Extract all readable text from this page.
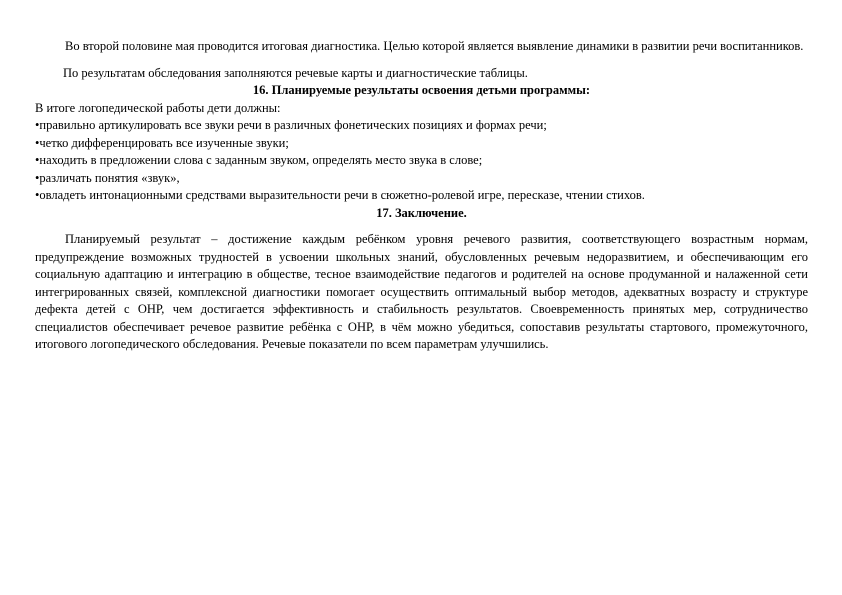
Во второй половине мая проводится итоговая диагностика. Целью которой является выявление динамики в развитии речи воспитанников.

По результатам обследования заполняются речевые карты и диагностические таблицы.

16. Планируемые результаты освоения детьми программы:

В итоге логопедической работы дети должны:

•правильно артикулировать все звуки речи в различных фонетических позициях и формах речи;

•четко дифференцировать все изученные звуки;

•находить в предложении слова с заданным звуком, определять место звука в слове;

•различать понятия «звук»,

•овладеть интонационными средствами выразительности речи в сюжетно-ролевой игре, пересказе, чтении стихов.

17. Заключение.

Планируемый результат – достижение каждым ребёнком уровня речевого развития, соответствующего возрастным нормам, предупреждение возможных трудностей в усвоении школьных знаний, обусловленных речевым недоразвитием, и обеспечивающим его социальную адаптацию и интеграцию в обществе, тесное взаимодействие педагогов и родителей на основе продуманной и налаженной сети интегрированных связей, комплексной диагностики помогает осуществить оптимальный выбор методов, адекватных возрасту и структуре дефекта детей с ОНР, чем достигается эффективность и стабильность результатов. Своевременность принятых мер, сотрудничество специалистов обеспечивает речевое развитие ребёнка с ОНР, в чём можно убедиться, сопоставив результаты стартового, промежуточного, итогового логопедического обследования. Речевые показатели по всем параметрам улучшились.
